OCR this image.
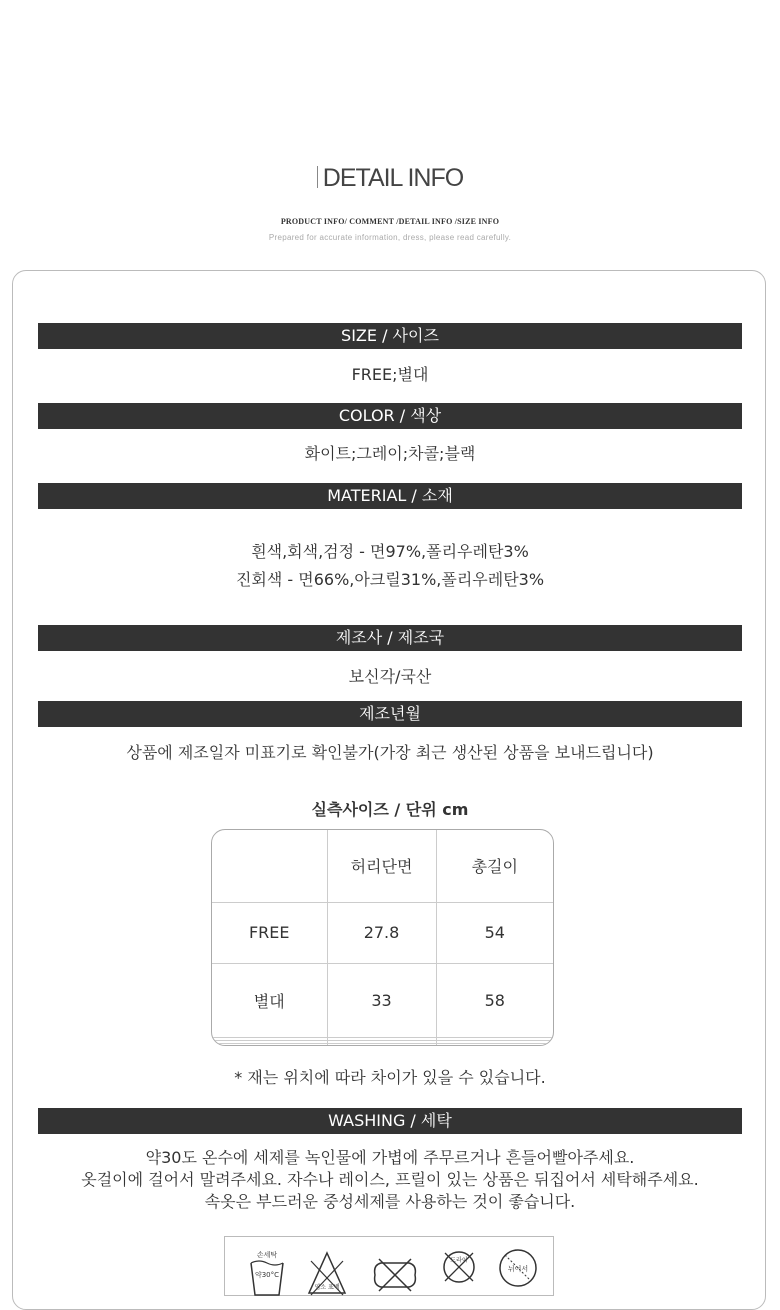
DETAIL INFO
PRODUCT INFO/ COMMENT /DETAIL INFO /SIZE INFO
Prepared for accurate information, dress, please read carefully.
SIZE / 사이즈
FREE;별대
COLOR / 색상
화이트;그레이;차콜;블랙
MATERIAL / 소재
흰색,회색,검정 - 면97%,폴리우레탄3%
진회색 - 면66%,아크릴31%,폴리우레탄3%
제조사 / 제조국
보신각/국산
제조년월
상품에 제조일자 미표기로 확인불가(가장 최근 생산된 상품을 보내드립니다)
실측사이즈 / 단위 cm
	허리단면	총길이
FREE	27.8	54
별대	33	58

* 재는 위치에 따라 차이가 있을 수 있습니다.
WASHING / 세탁
약30도 온수에 세제를 녹인물에 가볍에 주무르거나 흔들어빨아주세요.
옷걸이에 걸어서 말려주세요. 자수나 레이스, 프릴이 있는 상품은 뒤집어서 세탁해주세요.
속옷은 부드러운 중성세제를 사용하는 것이 좋습니다.
손세탁
약30°C
염소 표백
드라이
뉘어서
